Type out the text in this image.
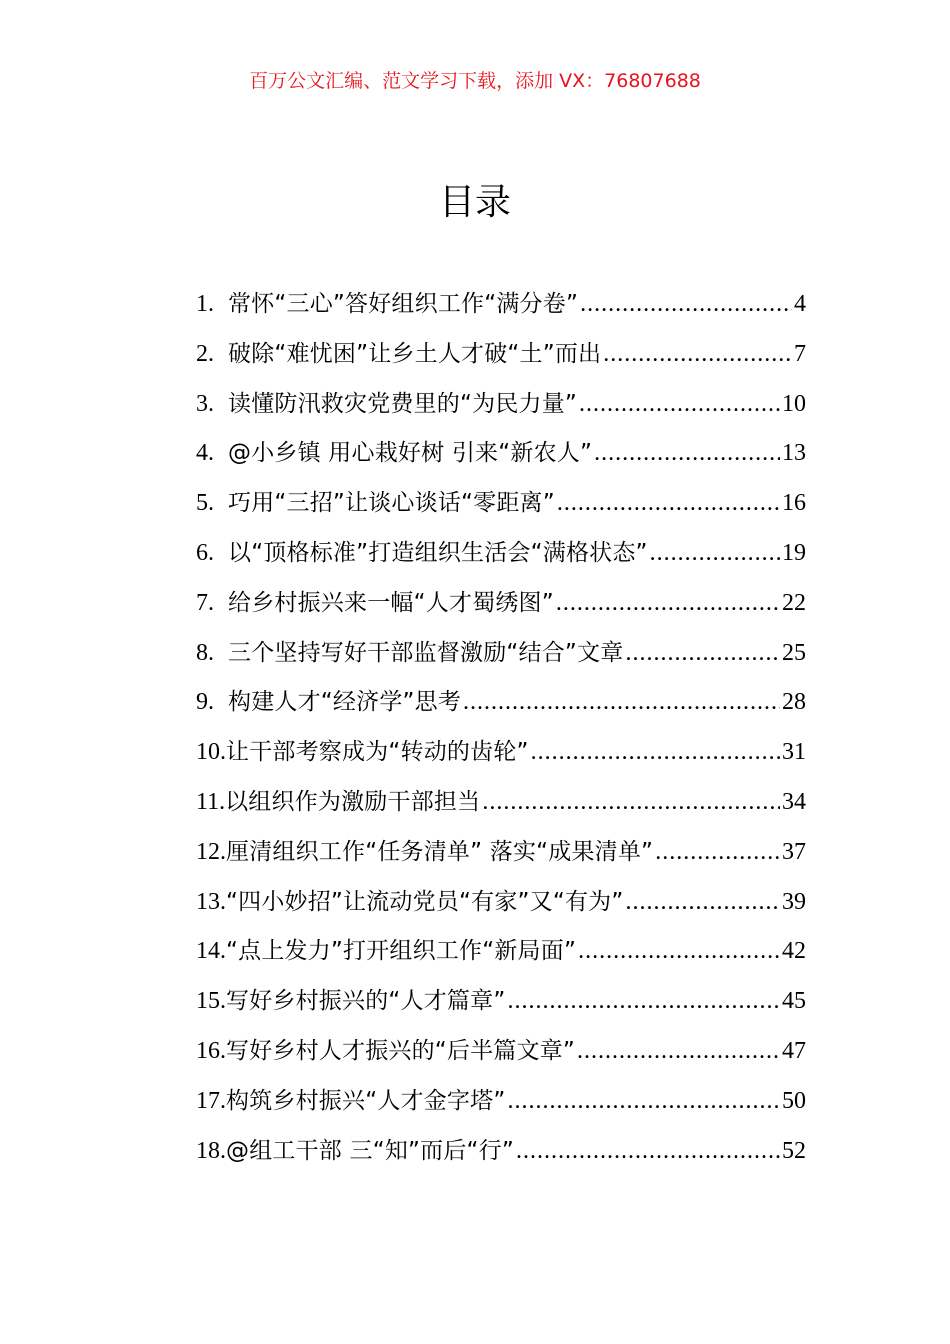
百万公文汇编、范文学习下载，添加 VX：76807688
目录
1. 常怀“三心”答好组织工作“满分卷” .....	4
2. 破除“难忧困”让乡土人才破“土”而出 .....	7
3. 读懂防汛救灾党费里的“为民力量” .....	10
4. @小乡镇 用心栽好树 引来“新农人” .....	13
5. 巧用“三招”让谈心谈话“零距离” .....	16
6. 以“顶格标准”打造组织生活会“满格状态” .....	19
7. 给乡村振兴来一幅“人才蜀绣图” .....	22
8. 三个坚持写好干部监督激励“结合”文章 .....	25
9. 构建人才“经济学”思考 .....	28
10. 让干部考察成为“转动的齿轮” .....	31
11. 以组织作为激励干部担当 .....	34
12. 厘清组织工作“任务清单” 落实“成果清单” .....	37
13. “四小妙招”让流动党员“有家”又“有为” .....	39
14. “点上发力”打开组织工作“新局面” .....	42
15. 写好乡村振兴的“人才篇章” .....	45
16. 写好乡村人才振兴的“后半篇文章” .....	47
17. 构筑乡村振兴“人才金字塔” .....	50
18. @组工干部 三“知”而后“行” .....	52
